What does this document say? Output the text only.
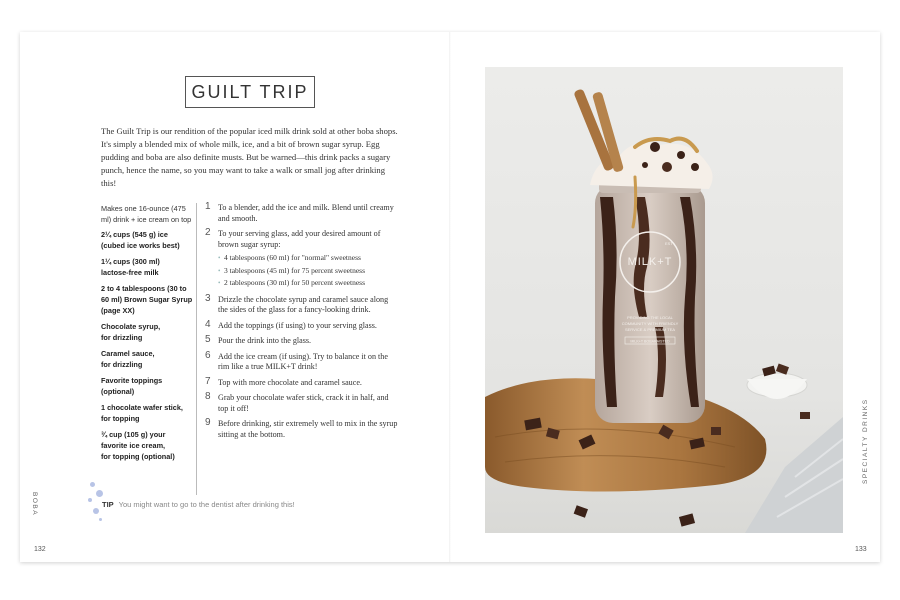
GUILT TRIP

The Guilt Trip is our rendition of the popular iced milk drink sold at other boba shops. It's simply a blended mix of whole milk, ice, and a bit of brown sugar syrup. Egg pudding and boba are also definite musts. But be warned—this drink packs a sugary punch, hence the name, so you may want to take a walk or small jog after drinking this!

Makes one 16-ounce (475 ml) drink + ice cream on top
2¼ cups (545 g) ice
(cubed ice works best)
1¼ cups (300 ml)
lactose-free milk
2 to 4 tablespoons (30 to 60 ml) Brown Sugar Syrup (page XX)
Chocolate syrup,
for drizzling
Caramel sauce,
for drizzling
Favorite toppings
(optional)
1 chocolate wafer stick,
for topping
¾ cup (105 g) your favorite ice cream,
for topping (optional)
1 To a blender, add the ice and milk. Blend until creamy and smooth.
2 To your serving glass, add your desired amount of brown sugar syrup:
• 4 tablespoons (60 ml) for "normal" sweetness
• 3 tablespoons (45 ml) for 75 percent sweetness
• 2 tablespoons (30 ml) for 50 percent sweetness
3 Drizzle the chocolate syrup and caramel sauce along the sides of the glass for a fancy-looking drink.
4 Add the toppings (if using) to your serving glass.
5 Pour the drink into the glass.
6 Add the ice cream (if using). Try to balance it on the rim like a true MILK+T drink!
7 Top with more chocolate and caramel sauce.
8 Grab your chocolate wafer stick, crack it in half, and top it off!
9 Before drinking, stir extremely well to mix in the syrup sitting at the bottom.
TIP You might want to go to the dentist after drinking this!
BOBA
132
MILK+T
EST
PROVIDING THE LOCAL
COMMUNITY WITH FRIENDLY
SERVICE & PREMIUM TEA
MILK+T BOBARAISTED
SPECIALTY DRINKS
133
